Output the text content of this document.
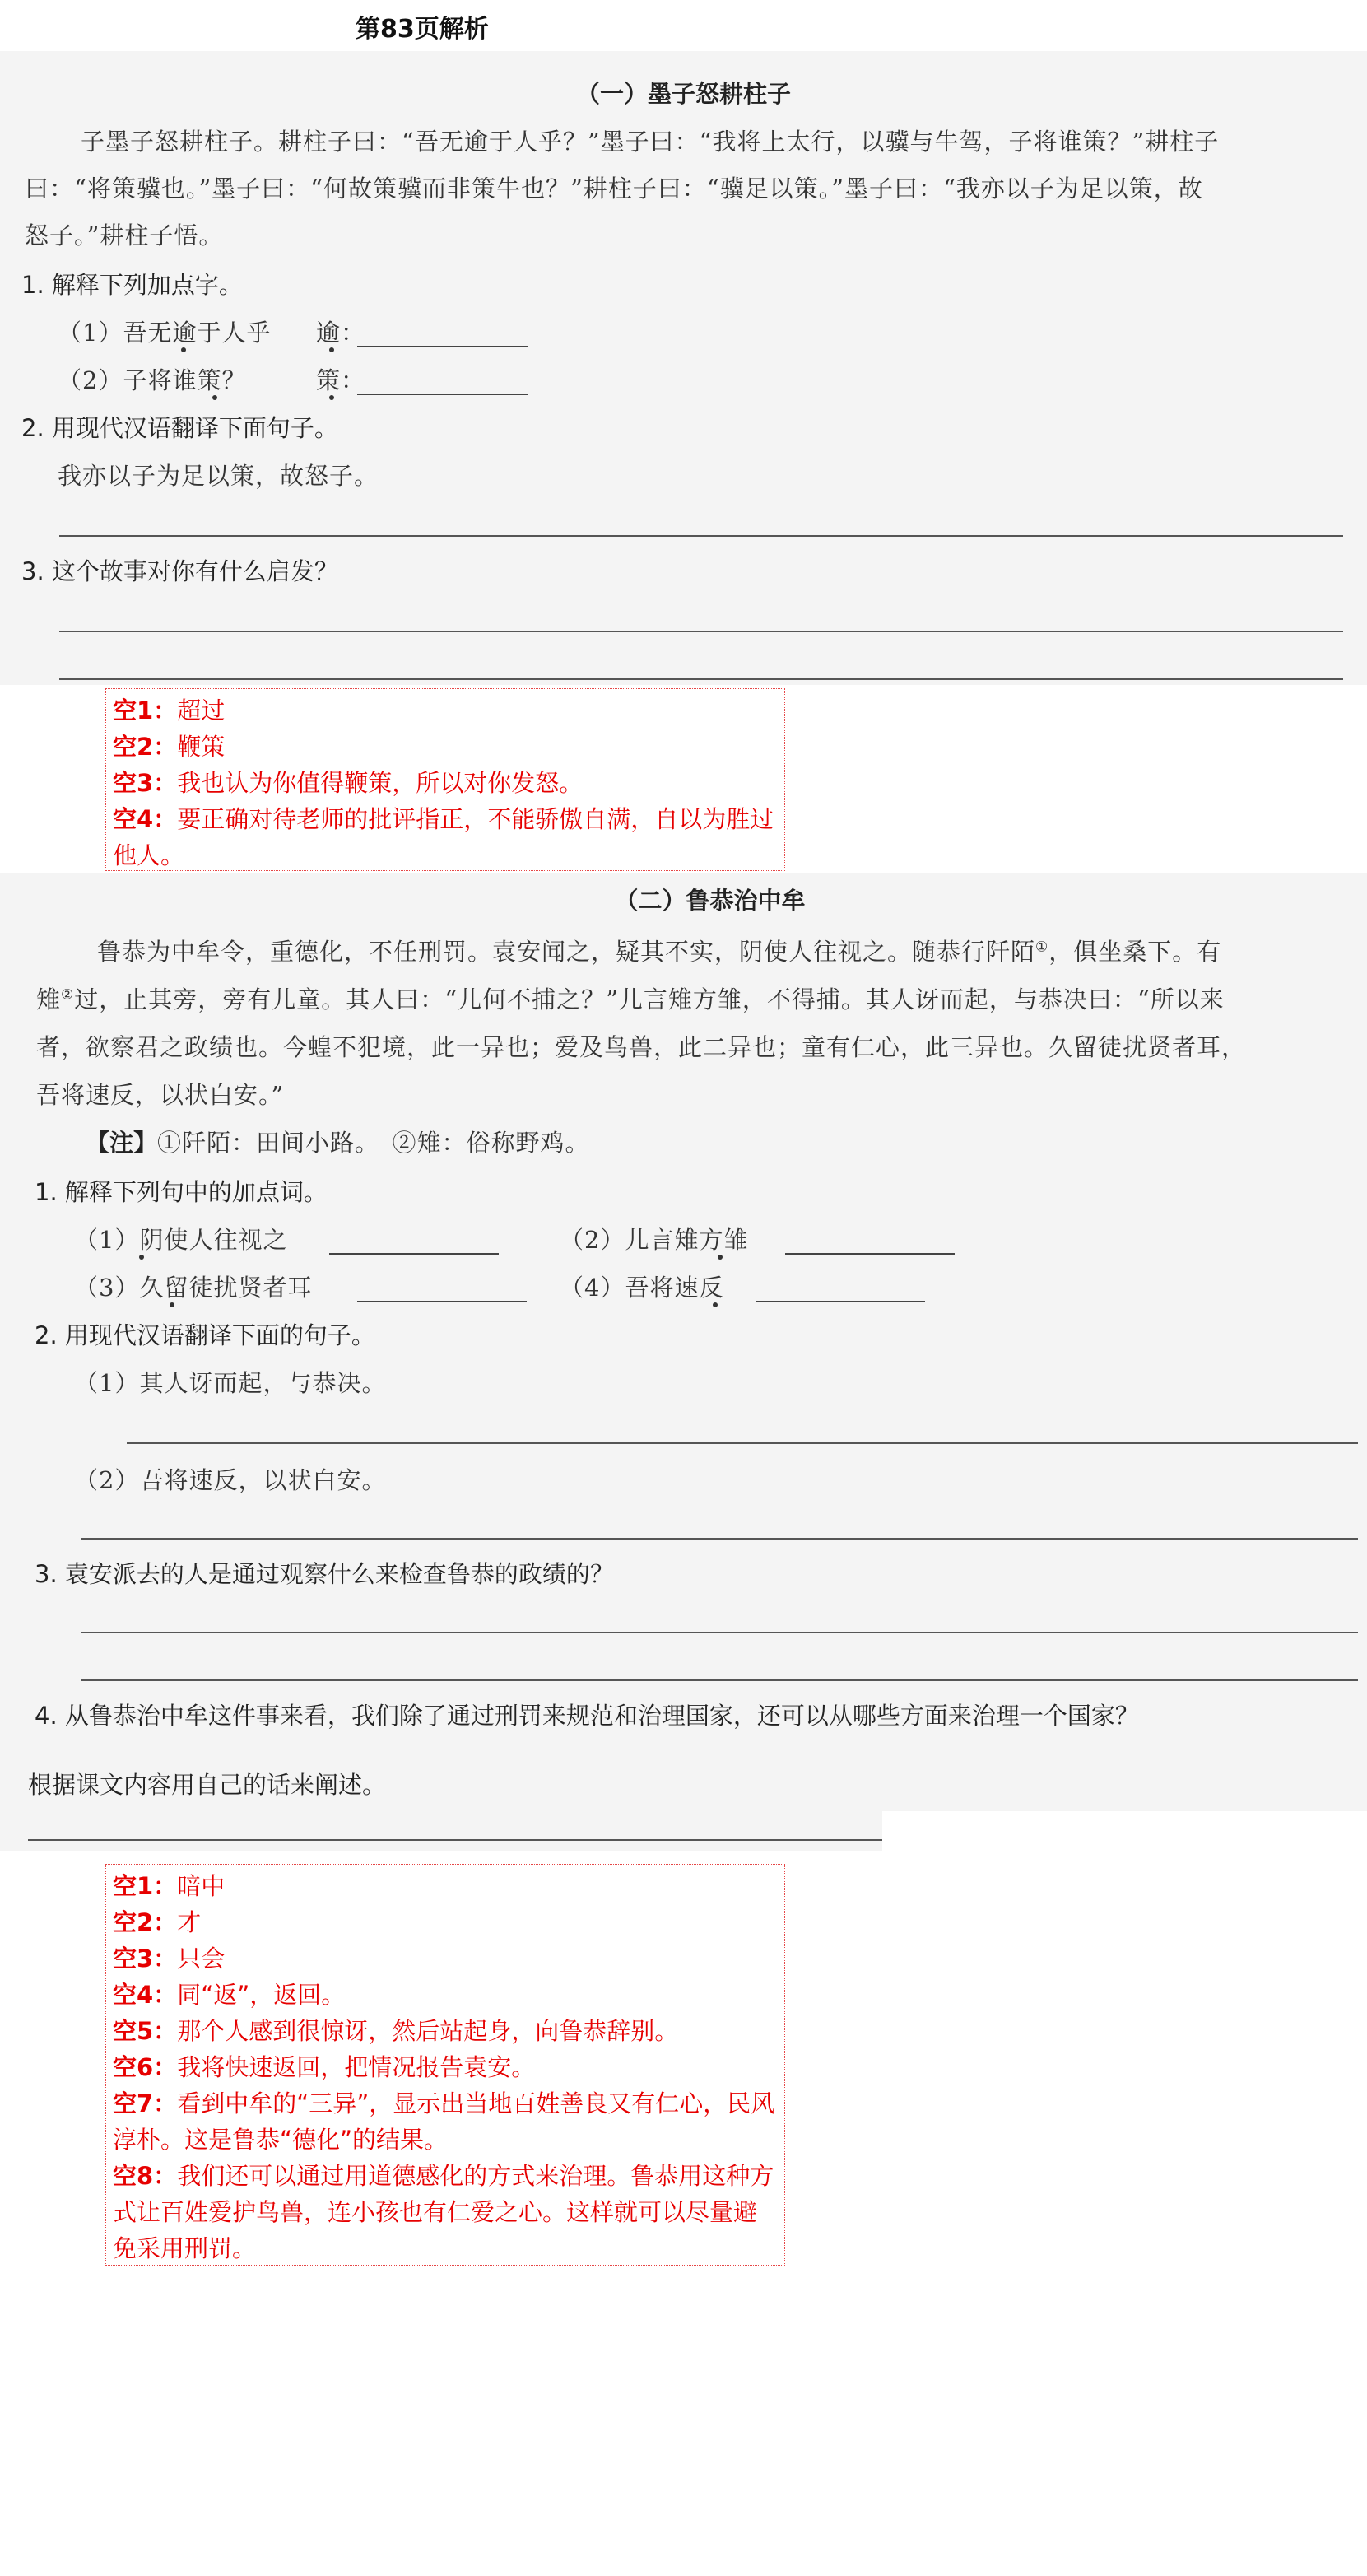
第83页解析
（一）墨子怒耕柱子
子墨子怒耕柱子。耕柱子曰：“吾无逾于人乎？”墨子曰：“我将上太行，以骥与牛驾，子将谁策？”耕柱子
曰：“将策骥也。”墨子曰：“何故策骥而非策牛也？”耕柱子曰：“骥足以策。”墨子曰：“我亦以子为足以策，故
怒子。”耕柱子悟。
1. 解释下列加点字。
（1）吾无逾于人乎 逾：
（2）子将谁策？	策：
2. 用现代汉语翻译下面句子。
我亦以子为足以策，故怒子。
3. 这个故事对你有什么启发？
空1：超过
空2：鞭策
空3：我也认为你值得鞭策，所以对你发怒。
空4：要正确对待老师的批评指正，不能骄傲自满，自以为胜过他人。
（二）鲁恭治中牟
鲁恭为中牟令，重德化，不任刑罚。袁安闻之，疑其不实，阴使人往视之。随恭行阡陌①，俱坐桑下。有
雉②过，止其旁，旁有儿童。其人曰：“儿何不捕之？”儿言雉方雏，不得捕。其人讶而起，与恭决曰：“所以来
者，欲察君之政绩也。今蝗不犯境，此一异也；爱及鸟兽，此二异也；童有仁心，此三异也。久留徒扰贤者耳，
吾将速反，以状白安。”
【注】①阡陌：田间小路。　②雉：俗称野鸡。
1. 解释下列句中的加点词。
（1）阴使人往视之	（2）儿言雉方雏
（3）久留徒扰贤者耳	（4）吾将速反
2. 用现代汉语翻译下面的句子。
（1）其人讶而起，与恭决。
（2）吾将速反，以状白安。
3. 袁安派去的人是通过观察什么来检查鲁恭的政绩的？
4. 从鲁恭治中牟这件事来看，我们除了通过刑罚来规范和治理国家，还可以从哪些方面来治理一个国家？
根据课文内容用自己的话来阐述。
空1：暗中
空2：才
空3：只会
空4：同“返”，返回。
空5：那个人感到很惊讶，然后站起身，向鲁恭辞别。
空6：我将快速返回，把情况报告袁安。
空7：看到中牟的“三异”，显示出当地百姓善良又有仁心，民风淳朴。这是鲁恭“德化”的结果。
空8：我们还可以通过用道德感化的方式来治理。鲁恭用这种方式让百姓爱护鸟兽，连小孩也有仁爱之心。这样就可以尽量避免采用刑罚。
